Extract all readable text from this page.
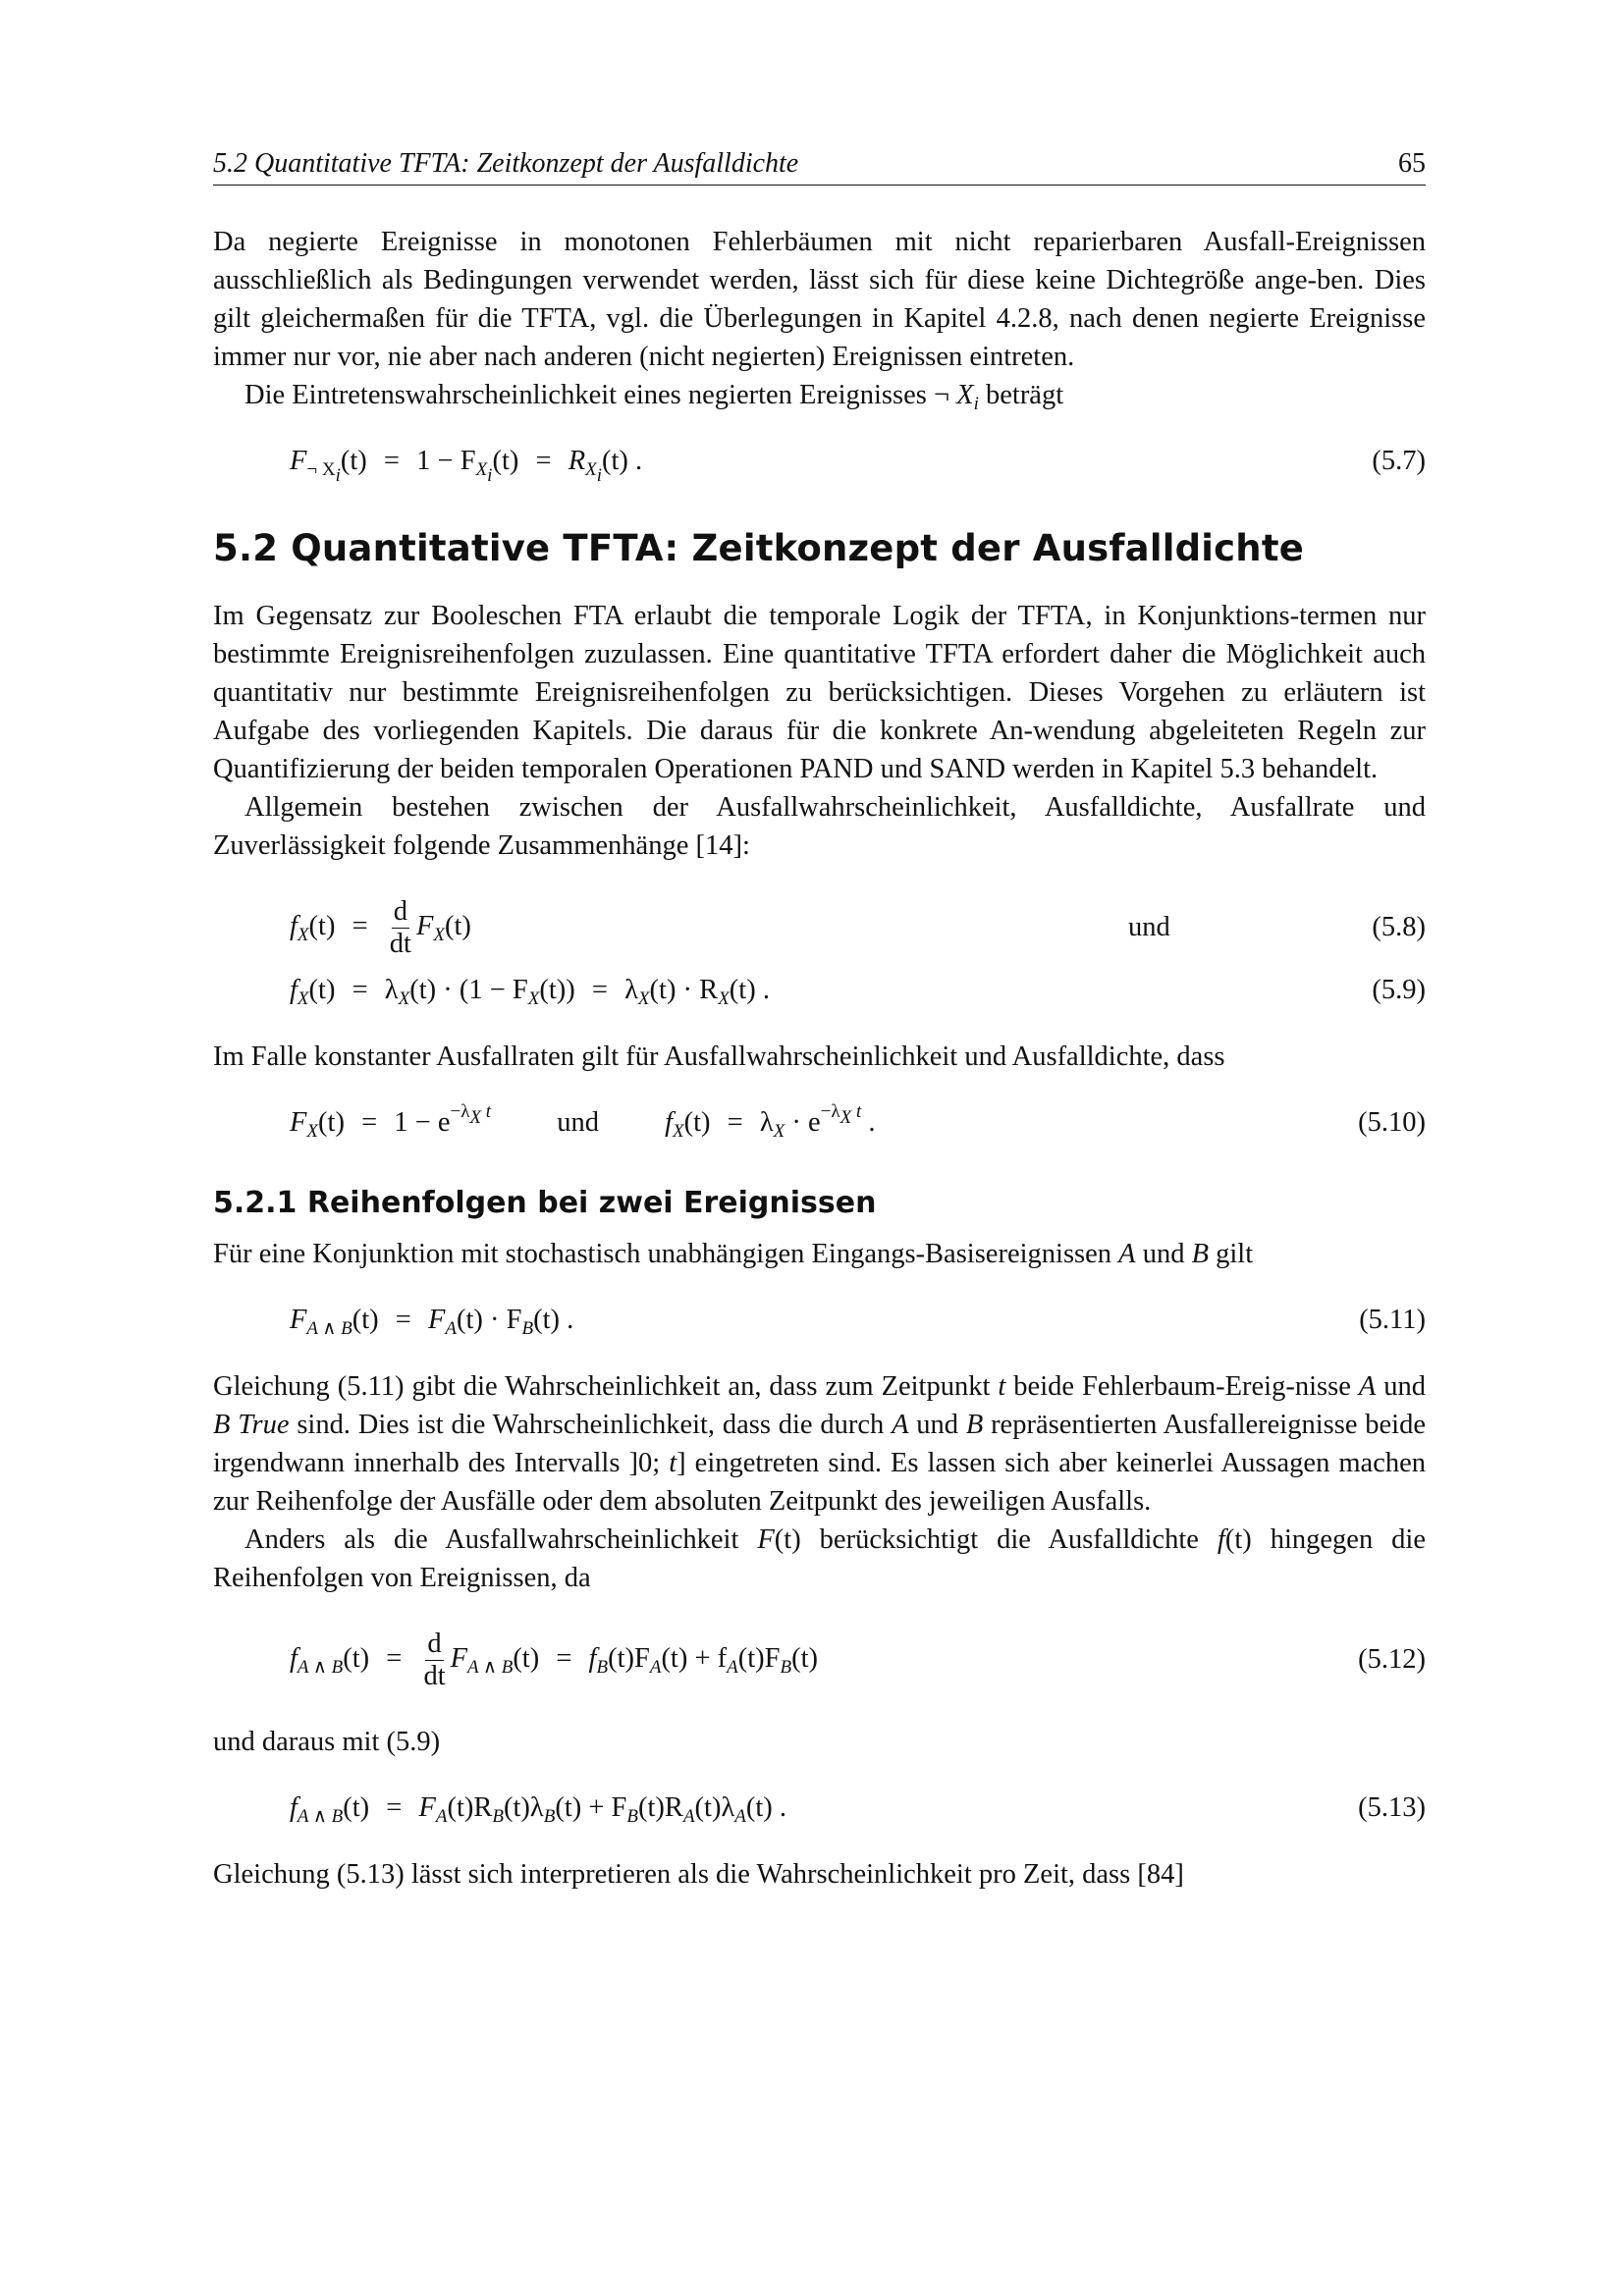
5.2 Quantitative TFTA: Zeitkonzept der Ausfalldichte	65

Da negierte Ereignisse in monotonen Fehlerbäumen mit nicht reparierbaren Ausfall-Ereignissen ausschließlich als Bedingungen verwendet werden, lässt sich für diese keine Dichtegröße ange-ben. Dies gilt gleichermaßen für die TFTA, vgl. die Überlegungen in Kapitel 4.2.8, nach denen negierte Ereignisse immer nur vor, nie aber nach anderen (nicht negierten) Ereignissen eintreten.

Die Eintretenswahrscheinlichkeit eines negierten Ereignisses ¬ $X_i$ beträgt

$F_{\neg X_i}(t) = 1 - F_{X_i}(t) = R_{X_i}(t)$ .	(5.7)
5.2 Quantitative TFTA: Zeitkonzept der Ausfalldichte

Im Gegensatz zur Booleschen FTA erlaubt die temporale Logik der TFTA, in Konjunktions-termen nur bestimmte Ereignisreihenfolgen zuzulassen. Eine quantitative TFTA erfordert daher die Möglichkeit auch quantitativ nur bestimmte Ereignisreihenfolgen zu berücksichtigen. Dieses Vorgehen zu erläutern ist Aufgabe des vorliegenden Kapitels. Die daraus für die konkrete An-wendung abgeleiteten Regeln zur Quantifizierung der beiden temporalen Operationen PAND und SAND werden in Kapitel 5.3 behandelt.

Allgemein bestehen zwischen der Ausfallwahrscheinlichkeit, Ausfalldichte, Ausfallrate und Zuverlässigkeit folgende Zusammenhänge [14]:

$f_X(t) = \frac{d}{dt} F_X(t)$	und	(5.8)
$f_X(t) = \lambda_X(t) \cdot (1 - F_X(t)) = \lambda_X(t) \cdot R_X(t)$ .	(5.9)

Im Falle konstanter Ausfallraten gilt für Ausfallwahrscheinlichkeit und Ausfalldichte, dass

$F_X(t) = 1 - e^{-\lambda_X t}$ und $f_X(t) = \lambda_X \cdot e^{-\lambda_X t}$ .	(5.10)
5.2.1 Reihenfolgen bei zwei Ereignissen

Für eine Konjunktion mit stochastisch unabhängigen Eingangs-Basisereignissen A und B gilt

$F_{A \wedge B}(t) = F_A(t) \cdot F_B(t)$ .	(5.11)

Gleichung (5.11) gibt die Wahrscheinlichkeit an, dass zum Zeitpunkt t beide Fehlerbaum-Ereig-nisse A und B True sind. Dies ist die Wahrscheinlichkeit, dass die durch A und B repräsentierten Ausfallereignisse beide irgendwann innerhalb des Intervalls ]0; t] eingetreten sind. Es lassen sich aber keinerlei Aussagen machen zur Reihenfolge der Ausfälle oder dem absoluten Zeitpunkt des jeweiligen Ausfalls.

Anders als die Ausfallwahrscheinlichkeit F(t) berücksichtigt die Ausfalldichte f(t) hingegen die Reihenfolgen von Ereignissen, da

$f_{A \wedge B}(t) = \frac{d}{dt} F_{A \wedge B}(t) = f_B(t)F_A(t) + f_A(t)F_B(t)$	(5.12)

und daraus mit (5.9)

$f_{A \wedge B}(t) = F_A(t)R_B(t)\lambda_B(t) + F_B(t)R_A(t)\lambda_A(t)$ .	(5.13)

Gleichung (5.13) lässt sich interpretieren als die Wahrscheinlichkeit pro Zeit, dass [84]
